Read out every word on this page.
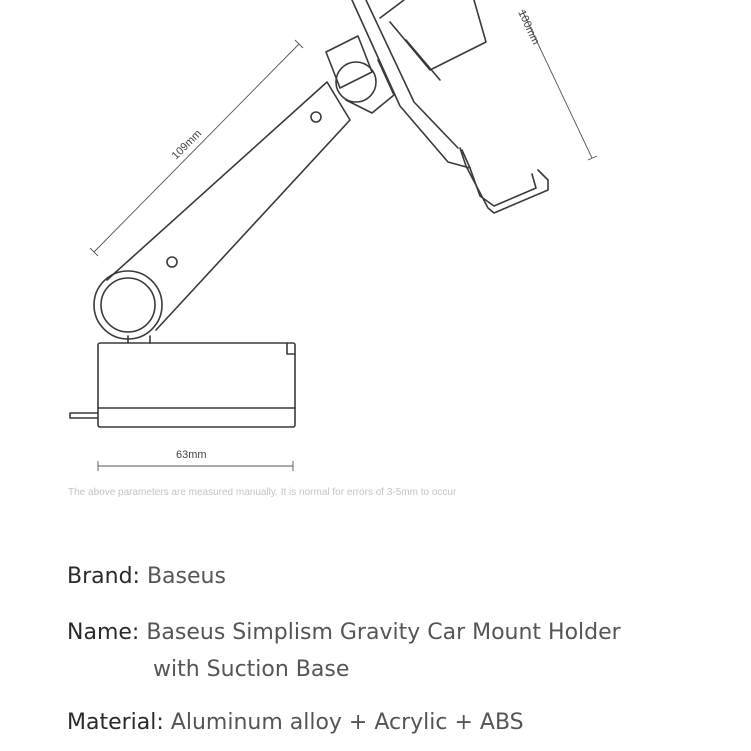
109mm
100mm
63mm
The above parameters are measured manually. It is normal for errors of 3-5mm to occur
Brand: Baseus
Name: Baseus Simplism Gravity Car Mount Holder
with Suction Base
Material: Aluminum alloy + Acrylic + ABS
